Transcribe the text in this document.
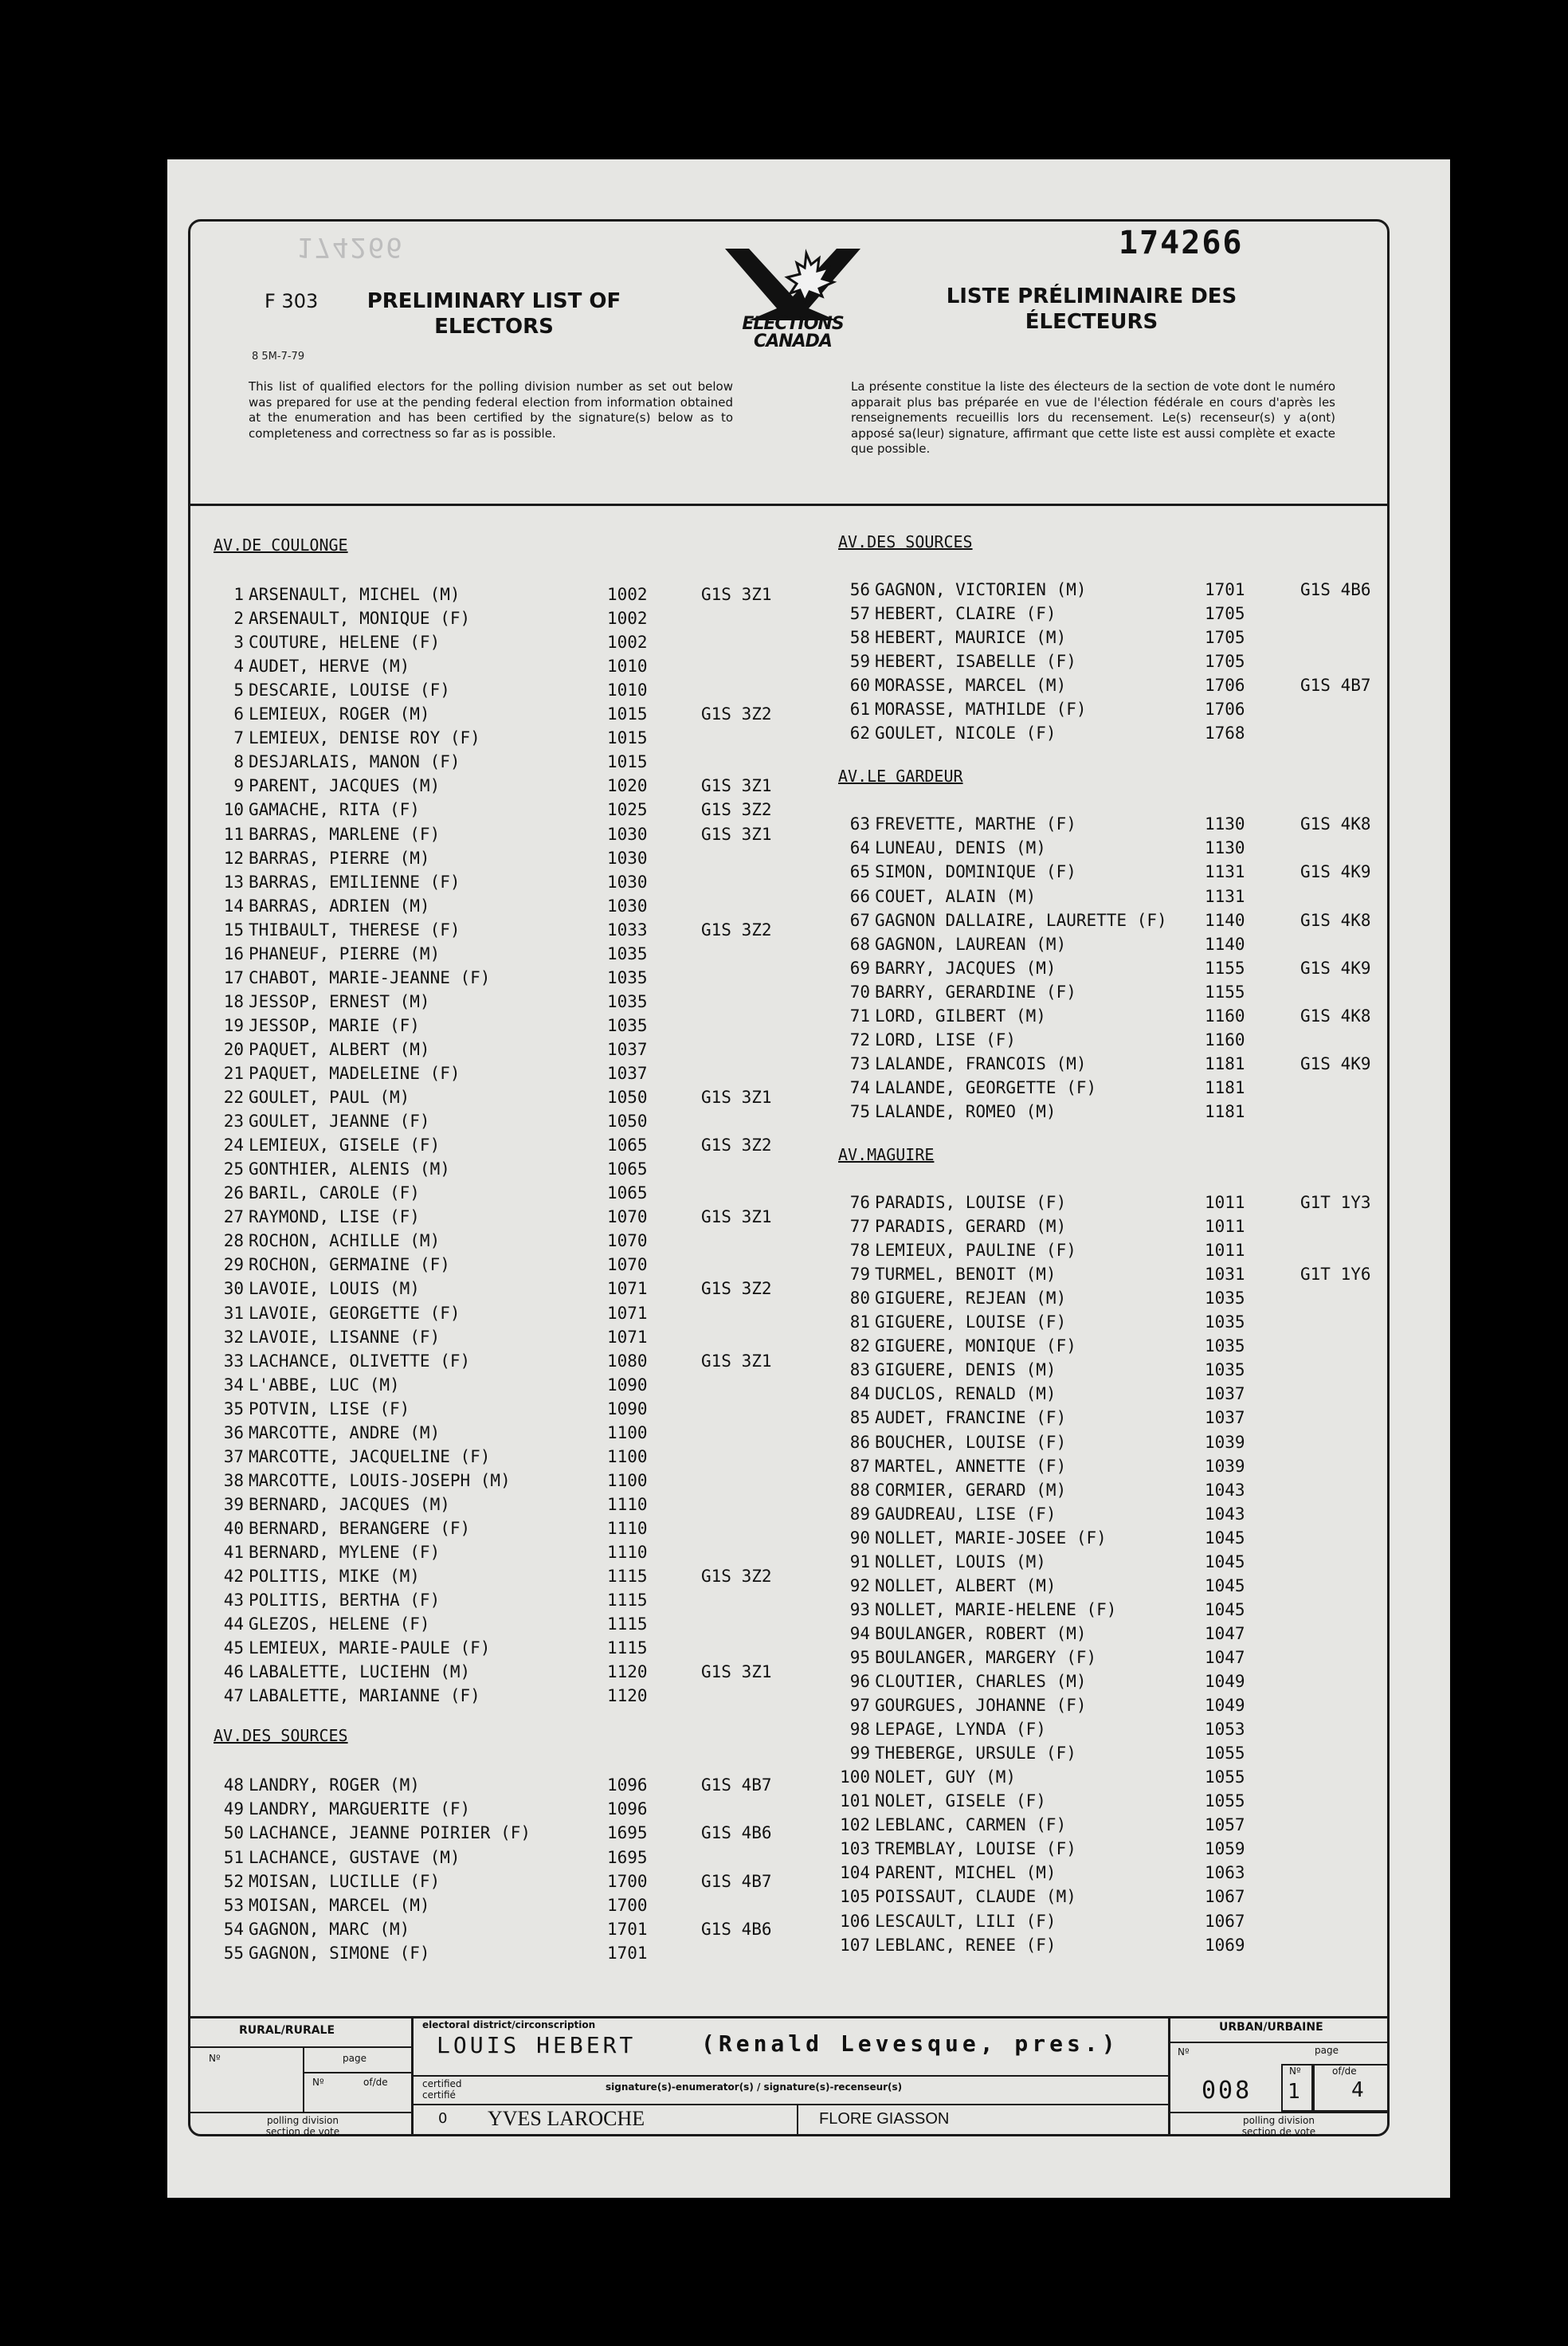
174266	174266
F 303
8 5M-7-79
PRELIMINARY LIST OF
ELECTORS
LISTE PRÉLIMINAIRE DES
ÉLECTEURS
ELECTIONS
CANADA
This list of qualified electors for the polling division number as set out below was prepared for use at the pending federal election from information obtained at the enumeration and has been certified by the signature(s) below as to completeness and correctness so far as is possible.
La présente constitue la liste des électeurs de la section de vote dont le numéro apparait plus bas préparée en vue de l'élection fédérale en cours d'après les renseignements recueillis lors du recensement. Le(s) recenseur(s) y a(ont) apposé sa(leur) signature, affirmant que cette liste est aussi complète et exacte que possible.
AV.DE COULONGE
1 ARSENAULT, MICHEL (M)	1002	G1S 3Z1
2 ARSENAULT, MONIQUE (F)	1002
3 COUTURE, HELENE (F)	1002
4 AUDET, HERVE (M)	1010
5 DESCARIE, LOUISE (F)	1010
6 LEMIEUX, ROGER (M)	1015	G1S 3Z2
7 LEMIEUX, DENISE ROY (F)	1015
8 DESJARLAIS, MANON (F)	1015
9 PARENT, JACQUES (M)	1020	G1S 3Z1
10 GAMACHE, RITA (F)	1025	G1S 3Z2
11 BARRAS, MARLENE (F)	1030	G1S 3Z1
12 BARRAS, PIERRE (M)	1030
13 BARRAS, EMILIENNE (F)	1030
14 BARRAS, ADRIEN (M)	1030
15 THIBAULT, THERESE (F)	1033	G1S 3Z2
16 PHANEUF, PIERRE (M)	1035
17 CHABOT, MARIE-JEANNE (F)	1035
18 JESSOP, ERNEST (M)	1035
19 JESSOP, MARIE (F)	1035
20 PAQUET, ALBERT (M)	1037
21 PAQUET, MADELEINE (F)	1037
22 GOULET, PAUL (M)	1050	G1S 3Z1
23 GOULET, JEANNE (F)	1050
24 LEMIEUX, GISELE (F)	1065	G1S 3Z2
25 GONTHIER, ALENIS (M)	1065
26 BARIL, CAROLE (F)	1065
27 RAYMOND, LISE (F)	1070	G1S 3Z1
28 ROCHON, ACHILLE (M)	1070
29 ROCHON, GERMAINE (F)	1070
30 LAVOIE, LOUIS (M)	1071	G1S 3Z2
31 LAVOIE, GEORGETTE (F)	1071
32 LAVOIE, LISANNE (F)	1071
33 LACHANCE, OLIVETTE (F)	1080	G1S 3Z1
34 L'ABBE, LUC (M)	1090
35 POTVIN, LISE (F)	1090
36 MARCOTTE, ANDRE (M)	1100
37 MARCOTTE, JACQUELINE (F)	1100
38 MARCOTTE, LOUIS-JOSEPH (M)	1100
39 BERNARD, JACQUES (M)	1110
40 BERNARD, BERANGERE (F)	1110
41 BERNARD, MYLENE (F)	1110
42 POLITIS, MIKE (M)	1115	G1S 3Z2
43 POLITIS, BERTHA (F)	1115
44 GLEZOS, HELENE (F)	1115
45 LEMIEUX, MARIE-PAULE (F)	1115
46 LABALETTE, LUCIEHN (M)	1120	G1S 3Z1
47 LABALETTE, MARIANNE (F)	1120
AV.DES SOURCES
48 LANDRY, ROGER (M)	1096	G1S 4B7
49 LANDRY, MARGUERITE (F)	1096
50 LACHANCE, JEANNE POIRIER (F)	1695	G1S 4B6
51 LACHANCE, GUSTAVE (M)	1695
52 MOISAN, LUCILLE (F)	1700	G1S 4B7
53 MOISAN, MARCEL (M)	1700
54 GAGNON, MARC (M)	1701	G1S 4B6
55 GAGNON, SIMONE (F)	1701
AV.DES SOURCES
56 GAGNON, VICTORIEN (M)	1701	G1S 4B6
57 HEBERT, CLAIRE (F)	1705
58 HEBERT, MAURICE (M)	1705
59 HEBERT, ISABELLE (F)	1705
60 MORASSE, MARCEL (M)	1706	G1S 4B7
61 MORASSE, MATHILDE (F)	1706
62 GOULET, NICOLE (F)	1768
AV.LE GARDEUR
63 FREVETTE, MARTHE (F)	1130	G1S 4K8
64 LUNEAU, DENIS (M)	1130
65 SIMON, DOMINIQUE (F)	1131	G1S 4K9
66 COUET, ALAIN (M)	1131
67 GAGNON DALLAIRE, LAURETTE (F) 1140	G1S 4K8
68 GAGNON, LAUREAN (M)	1140
69 BARRY, JACQUES (M)	1155	G1S 4K9
70 BARRY, GERARDINE (F)	1155
71 LORD, GILBERT (M)	1160	G1S 4K8
72 LORD, LISE (F)	1160
73 LALANDE, FRANCOIS (M)	1181	G1S 4K9
74 LALANDE, GEORGETTE (F)	1181
75 LALANDE, ROMEO (M)	1181
AV.MAGUIRE
76 PARADIS, LOUISE (F)	1011	G1T 1Y3
77 PARADIS, GERARD (M)	1011
78 LEMIEUX, PAULINE (F)	1011
79 TURMEL, BENOIT (M)	1031	G1T 1Y6
80 GIGUERE, REJEAN (M)	1035
81 GIGUERE, LOUISE (F)	1035
82 GIGUERE, MONIQUE (F)	1035
83 GIGUERE, DENIS (M)	1035
84 DUCLOS, RENALD (M)	1037
85 AUDET, FRANCINE (F)	1037
86 BOUCHER, LOUISE (F)	1039
87 MARTEL, ANNETTE (F)	1039
88 CORMIER, GERARD (M)	1043
89 GAUDREAU, LISE (F)	1043
90 NOLLET, MARIE-JOSEE (F)	1045
91 NOLLET, LOUIS (M)	1045
92 NOLLET, ALBERT (M)	1045
93 NOLLET, MARIE-HELENE (F)	1045
94 BOULANGER, ROBERT (M)	1047
95 BOULANGER, MARGERY (F)	1047
96 CLOUTIER, CHARLES (M)	1049
97 GOURGUES, JOHANNE (F)	1049
98 LEPAGE, LYNDA (F)	1053
99 THEBERGE, URSULE (F)	1055
100 NOLET, GUY (M)	1055
101 NOLET, GISELE (F)	1055
102 LEBLANC, CARMEN (F)	1057
103 TREMBLAY, LOUISE (F)	1059
104 PARENT, MICHEL (M)	1063
105 POISSAUT, CLAUDE (M)	1067
106 LESCAULT, LILI (F)	1067
107 LEBLANC, RENEE (F)	1069
RURAL/RURALE
Nº	page
Nº	of/de
polling division
section de vote
electoral district/circonscription
LOUIS HEBERT	(Renald Levesque, pres.)
certified
certifié
signature(s)-enumerator(s) / signature(s)-recenseur(s)
0 YVES LAROCHE	FLORE GIASSON
URBAN/URBAINE
Nº	page
Nº	of/de
008 1 4
polling division
section de vote
